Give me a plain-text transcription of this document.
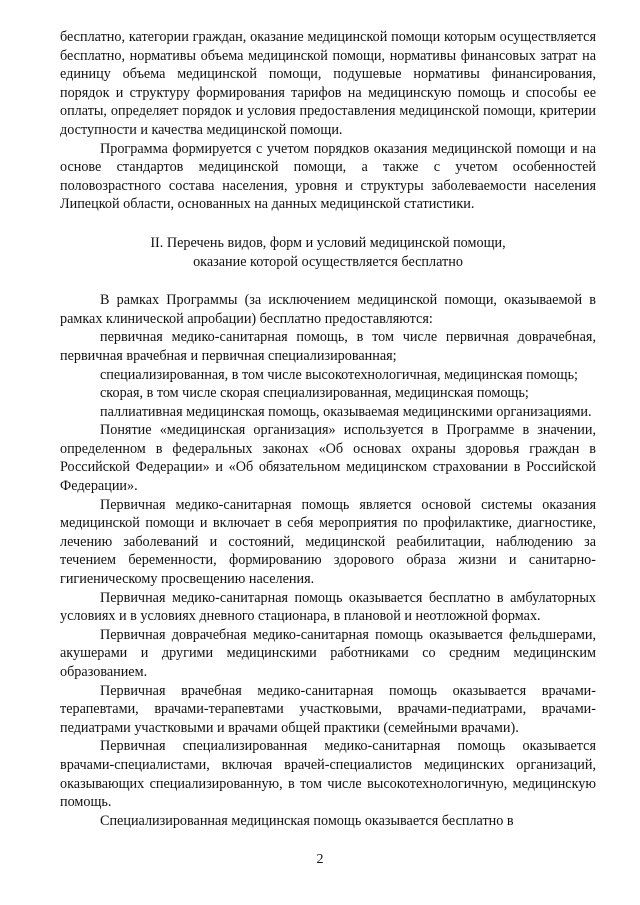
бесплатно, категории граждан, оказание медицинской помощи которым осуществляется бесплатно, нормативы объема медицинской помощи, нормативы финансовых затрат на единицу объема медицинской помощи, подушевые нормативы финансирования, порядок и структуру формирования тарифов на медицинскую помощь и способы ее оплаты, определяет порядок и условия предоставления медицинской помощи, критерии доступности и качества медицинской помощи.

Программа формируется с учетом порядков оказания медицинской помощи и на основе стандартов медицинской помощи, а также с учетом особенностей половозрастного состава населения, уровня и структуры заболеваемости населения Липецкой области, основанных на данных медицинской статистики.

II. Перечень видов, форм и условий медицинской помощи,
оказание которой осуществляется бесплатно

В рамках Программы (за исключением медицинской помощи, оказываемой в рамках клинической апробации) бесплатно предоставляются:

первичная медико-санитарная помощь, в том числе первичная доврачебная, первичная врачебная и первичная специализированная;

специализированная, в том числе высокотехнологичная, медицинская помощь;

скорая, в том числе скорая специализированная, медицинская помощь;

паллиативная медицинская помощь, оказываемая медицинскими организациями.

Понятие «медицинская организация» используется в Программе в значении, определенном в федеральных законах «Об основах охраны здоровья граждан в Российской Федерации» и «Об обязательном медицинском страховании в Российской Федерации».

Первичная медико-санитарная помощь является основой системы оказания медицинской помощи и включает в себя мероприятия по профилактике, диагностике, лечению заболеваний и состояний, медицинской реабилитации, наблюдению за течением беременности, формированию здорового образа жизни и санитарно-гигиеническому просвещению населения.

Первичная медико-санитарная помощь оказывается бесплатно в амбулаторных условиях и в условиях дневного стационара, в плановой и неотложной формах.

Первичная доврачебная медико-санитарная помощь оказывается фельдшерами, акушерами и другими медицинскими работниками со средним медицинским образованием.

Первичная врачебная медико-санитарная помощь оказывается врачами-терапевтами, врачами-терапевтами участковыми, врачами-педиатрами, врачами-педиатрами участковыми и врачами общей практики (семейными врачами).

Первичная специализированная медико-санитарная помощь оказывается врачами-специалистами, включая врачей-специалистов медицинских организаций, оказывающих специализированную, в том числе высокотехнологичную, медицинскую помощь.

Специализированная медицинская помощь оказывается бесплатно в

2
